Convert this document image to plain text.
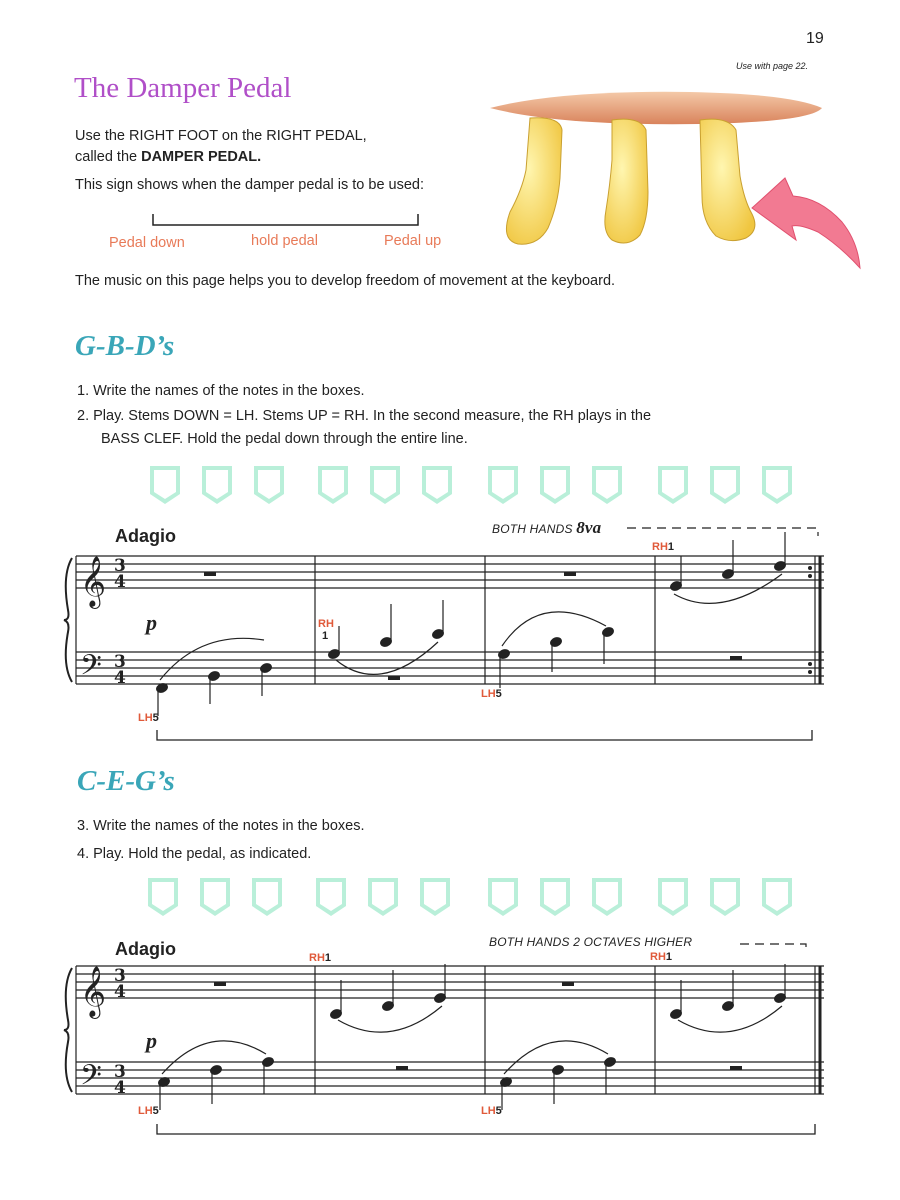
19
Use with page 22.
The Damper Pedal
Use the RIGHT FOOT on the RIGHT PEDAL,
called the DAMPER PEDAL.
This sign shows when the damper pedal is to be used:
Pedal down	hold pedal	Pedal up
The music on this page helps you to develop freedom of movement at the keyboard.
G-B-D’s
1. Write the names of the notes in the boxes.
2. Play. Stems DOWN = LH. Stems UP = RH. In the second measure, the RH plays in the
BASS CLEF. Hold the pedal down through the entire line.
Adagio	BOTH HANDS 8va
C-E-G’s
3. Write the names of the notes in the boxes.
4. Play. Hold the pedal, as indicated.
Adagio	BOTH HANDS 2 OCTAVES HIGHER
RH1
RH
1
LH5
LH5
RH1	RH1
LH5	LH5
p
p
𝄞
𝄢
3
4
3
4
𝄞
𝄢
3
4
3
4
